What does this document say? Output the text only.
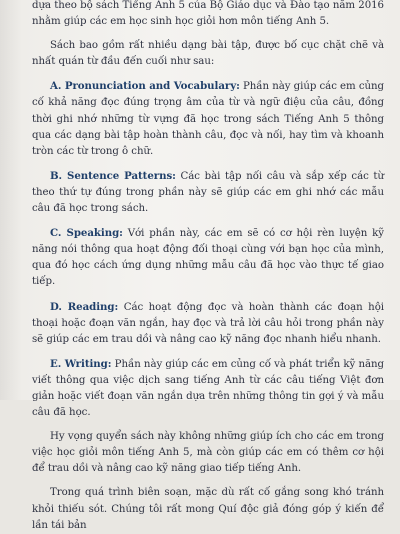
dựa theo bộ sách Tiếng Anh 5 của Bộ Giáo dục và Đào tạo năm 2016 nhằm giúp các em học sinh học giỏi hơn môn tiếng Anh 5.

Sách bao gồm rất nhiều dạng bài tập, được bố cục chặt chẽ và nhất quán từ đầu đến cuối như sau:

A. Pronunciation and Vocabulary: Phần này giúp các em củng cố khả năng đọc đúng trọng âm của từ và ngữ điệu của câu, đồng thời ghi nhớ những từ vựng đã học trong sách Tiếng Anh 5 thông qua các dạng bài tập hoàn thành câu, đọc và nối, hay tìm và khoanh tròn các từ trong ô chữ.

B. Sentence Patterns: Các bài tập nối câu và sắp xếp các từ theo thứ tự đúng trong phần này sẽ giúp các em ghi nhớ các mẫu câu đã học trong sách.

C. Speaking: Với phần này, các em sẽ có cơ hội rèn luyện kỹ năng nói thông qua hoạt động đối thoại cùng với bạn học của mình, qua đó học cách ứng dụng những mẫu câu đã học vào thực tế giao tiếp.

D. Reading: Các hoạt động đọc và hoàn thành các đoạn hội thoại hoặc đoạn văn ngắn, hay đọc và trả lời câu hỏi trong phần này sẽ giúp các em trau dồi và nâng cao kỹ năng đọc nhanh hiểu nhanh.

E. Writing: Phần này giúp các em củng cố và phát triển kỹ năng viết thông qua việc dịch sang tiếng Anh từ các câu tiếng Việt đơn giản hoặc viết đoạn văn ngắn dựa trên những thông tin gợi ý và mẫu câu đã học.

Hy vọng quyển sách này không những giúp ích cho các em trong việc học giỏi môn tiếng Anh 5, mà còn giúp các em có thêm cơ hội để trau dồi và nâng cao kỹ năng giao tiếp tiếng Anh.

Trong quá trình biên soạn, mặc dù rất cố gắng song khó tránh khỏi thiếu sót. Chúng tôi rất mong Quí độc giả đóng góp ý kiến để lần tái bản
